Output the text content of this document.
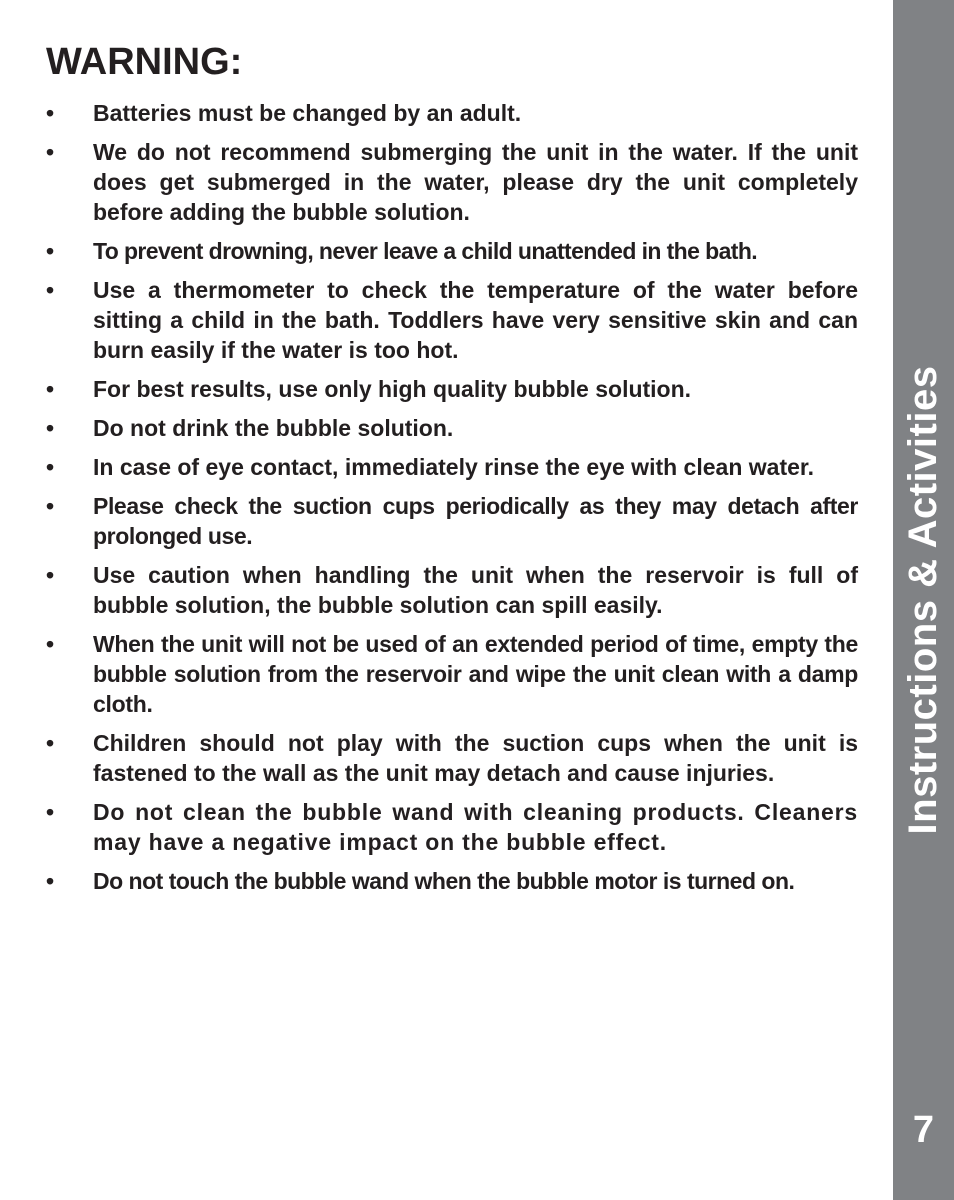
WARNING:
•	Batteries must be changed by an adult.
•	We do not recommend submerging the unit in the water. If the unit does get submerged in the water, please dry the unit completely before adding the bubble solution.
•	To prevent drowning, never leave a child unattended in the bath.
•	Use a thermometer to check the temperature of the water before sitting a child in the bath. Toddlers have very sensitive skin and can burn easily if the water is too hot.
•	For best results, use only high quality bubble solution.
•	Do not drink the bubble solution.
•	In case of eye contact, immediately rinse the eye with clean water.
•	Please check the suction cups periodically as they may detach after prolonged use.
•	Use caution when handling the unit when the reservoir is full of bubble solution, the bubble solution can spill easily.
•	When the unit will not be used of an extended period of time, empty the bubble solution from the reservoir and wipe the unit clean with a damp cloth.
•	Children should not play with the suction cups when the unit is fastened to the wall as the unit may detach and cause injuries.
•	Do not clean the bubble wand with cleaning products. Cleaners may have a negative impact on the bubble effect.
•	Do not touch the bubble wand when the bubble motor is turned on.
Instructions & Activities
7
